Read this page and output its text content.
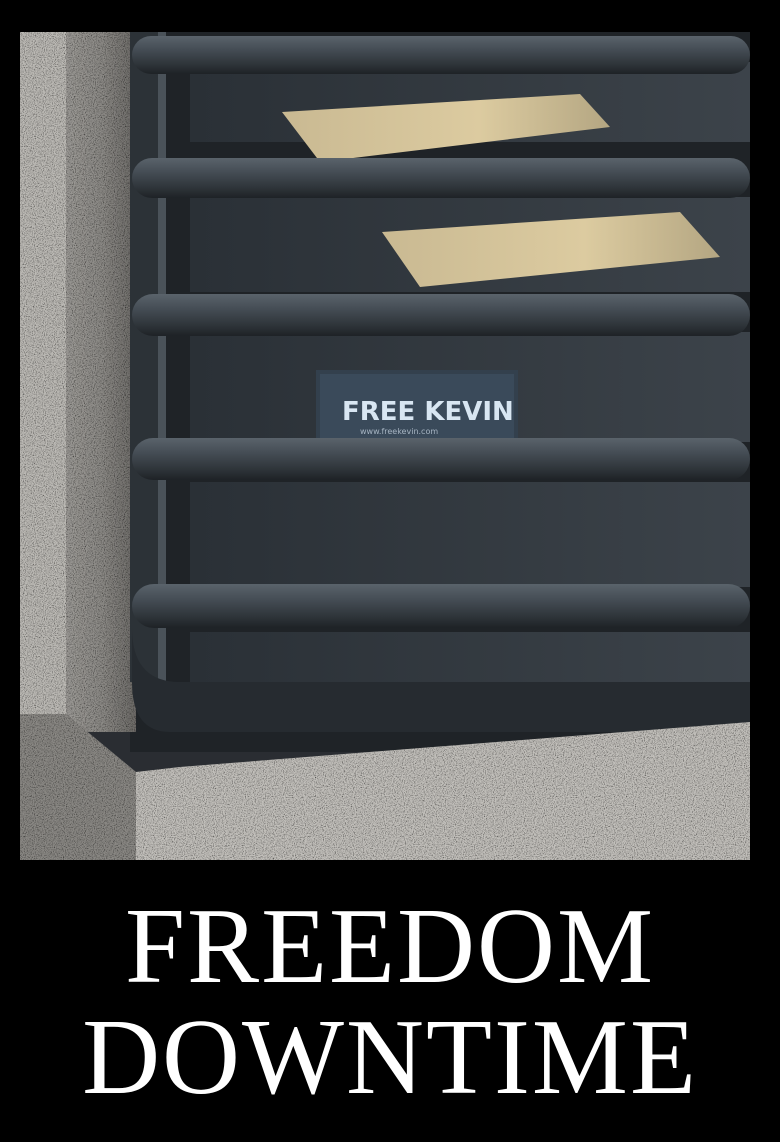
FREE KEVIN
www.freekevin.com
FREEDOM
DOWNTIME
